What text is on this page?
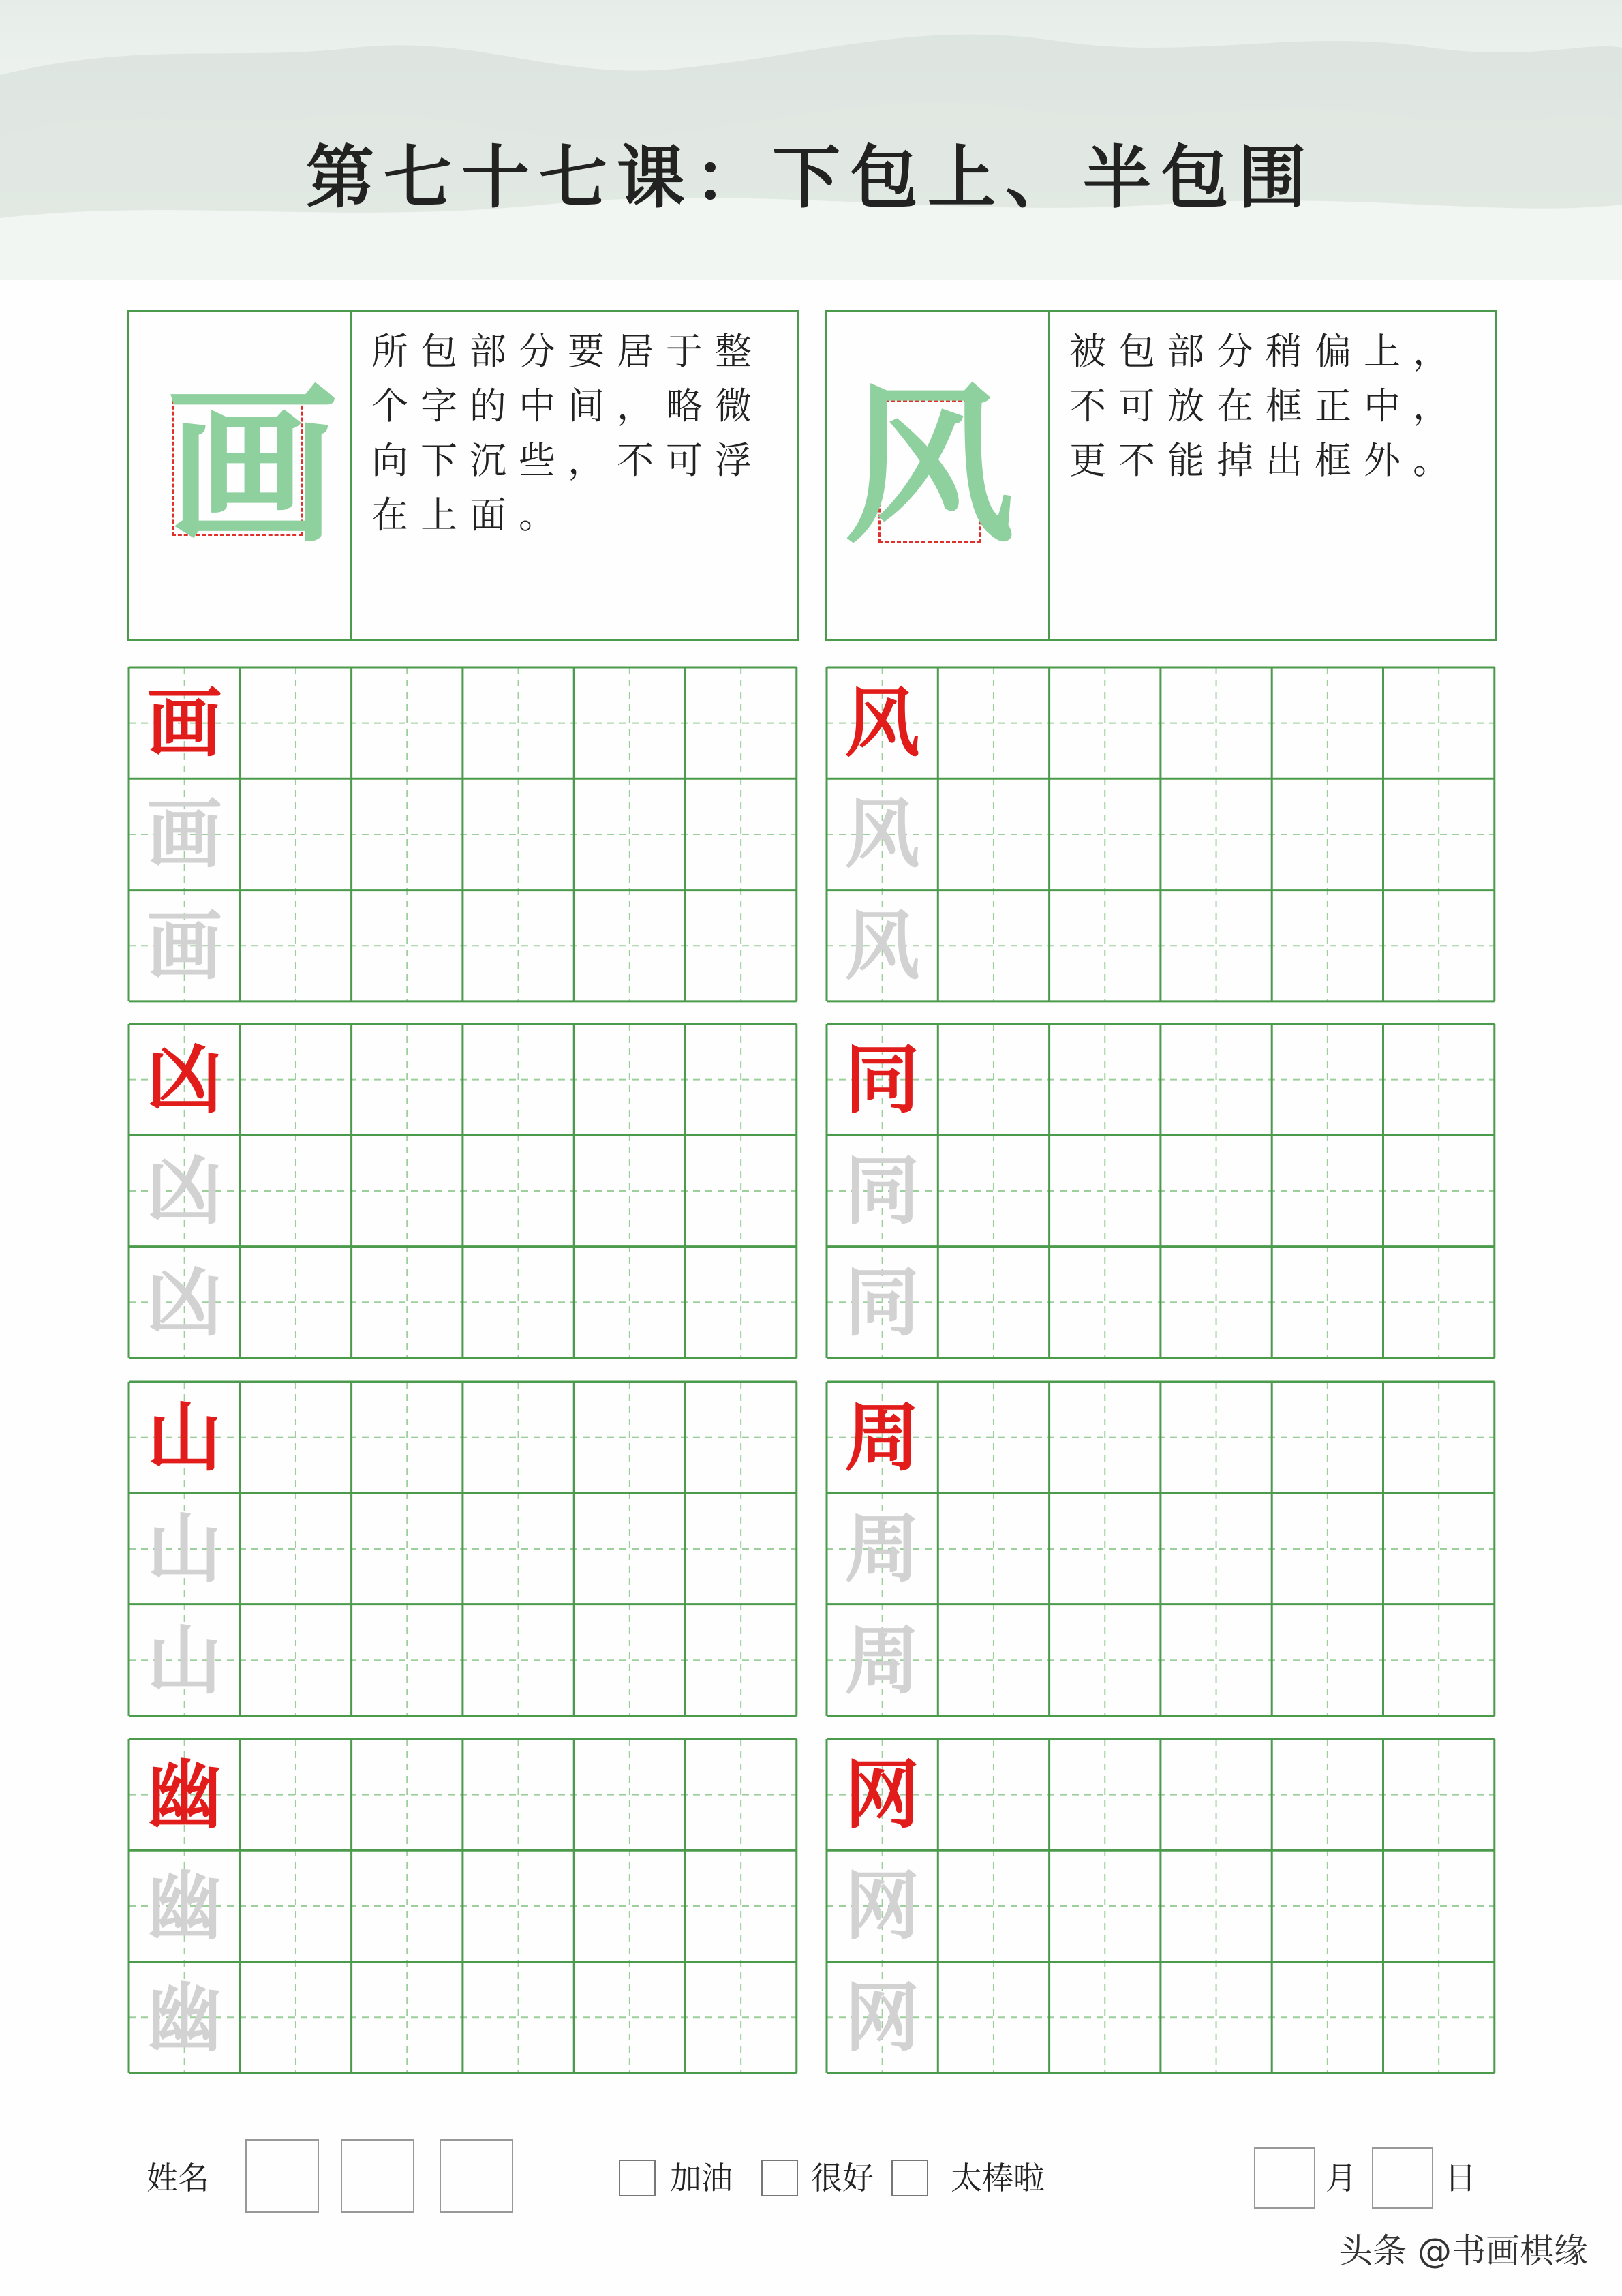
第七十七课：下包上、半包围
画
所包部分要居于整
个字的中间，略微
向下沉些，不可浮
在上面。	风
被包部分稍偏上，
不可放在框正中，
更不能掉出框外。
画
画
画
风
风
风
凶
凶
凶
同
同
同
山
山
山
周
周
周
幽
幽
幽
网
网
网
姓名	加油	很好 太棒啦	月	日
头条 @书画棋缘
